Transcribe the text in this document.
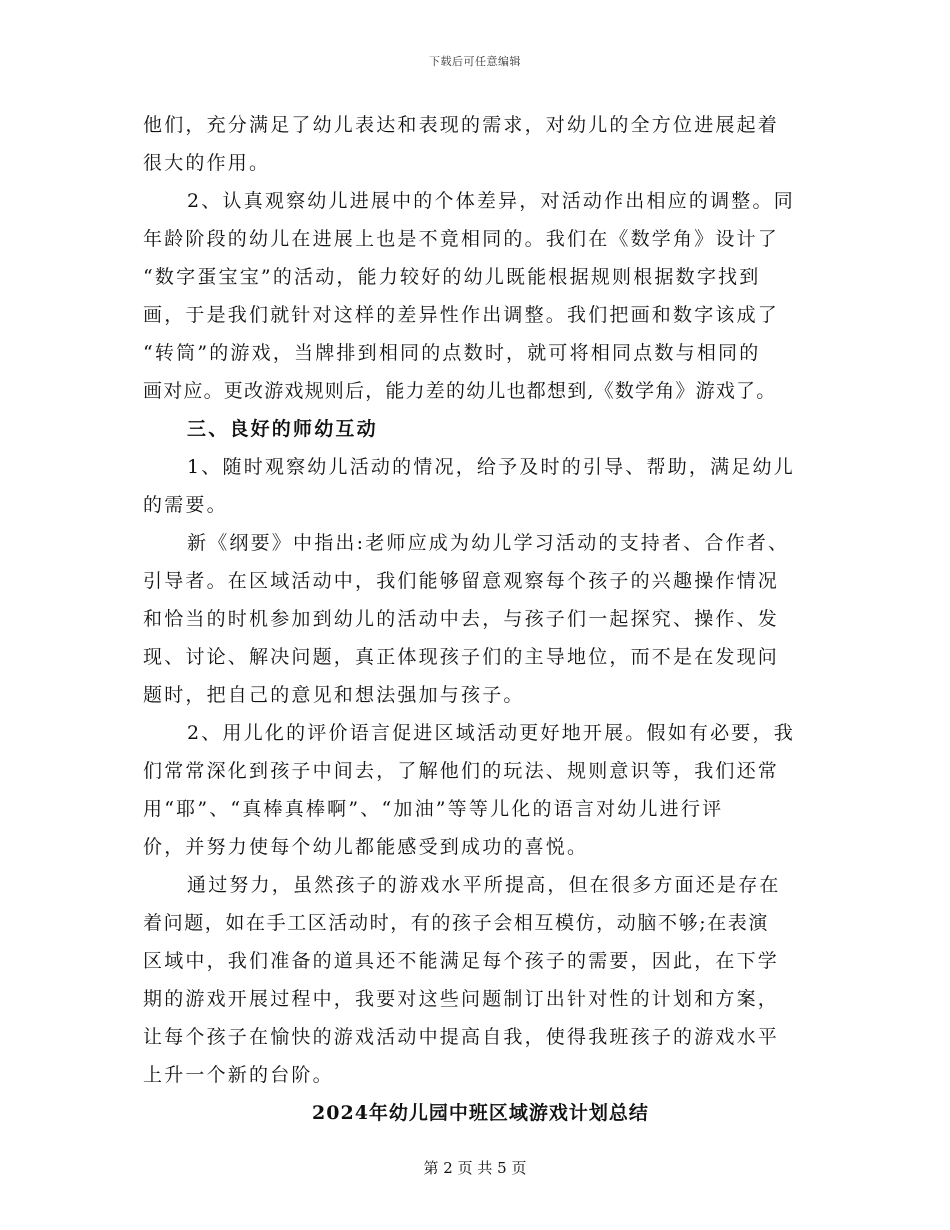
下载后可任意编辑
他们，充分满足了幼儿表达和表现的需求，对幼儿的全方位进展起着
很大的作用。
2、认真观察幼儿进展中的个体差异，对活动作出相应的调整。同
年龄阶段的幼儿在进展上也是不竟相同的。我们在《数学角》设计了
“数字蛋宝宝”的活动，能力较好的幼儿既能根据规则根据数字找到
画，于是我们就针对这样的差异性作出调整。我们把画和数字该成了
“转筒”的游戏，当牌排到相同的点数时，就可将相同点数与相同的
画对应。更改游戏规则后，能力差的幼儿也都想到,《数学角》游戏了。
三、良好的师幼互动
1、随时观察幼儿活动的情况，给予及时的引导、帮助，满足幼儿
的需要。
新《纲要》中指出:老师应成为幼儿学习活动的支持者、合作者、
引导者。在区域活动中，我们能够留意观察每个孩子的兴趣操作情况
和恰当的时机参加到幼儿的活动中去，与孩子们一起探究、操作、发
现、讨论、解决问题，真正体现孩子们的主导地位，而不是在发现问
题时，把自己的意见和想法强加与孩子。
2、用儿化的评价语言促进区域活动更好地开展。假如有必要，我
们常常深化到孩子中间去，了解他们的玩法、规则意识等，我们还常
用“耶”、“真棒真棒啊”、“加油”等等儿化的语言对幼儿进行评
价，并努力使每个幼儿都能感受到成功的喜悦。
通过努力，虽然孩子的游戏水平所提高，但在很多方面还是存在
着问题，如在手工区活动时，有的孩子会相互模仿，动脑不够;在表演
区域中，我们准备的道具还不能满足每个孩子的需要，因此，在下学
期的游戏开展过程中，我要对这些问题制订出针对性的计划和方案，
让每个孩子在愉快的游戏活动中提高自我，使得我班孩子的游戏水平
上升一个新的台阶。
2024年幼儿园中班区域游戏计划总结
第 2 页 共 5 页
